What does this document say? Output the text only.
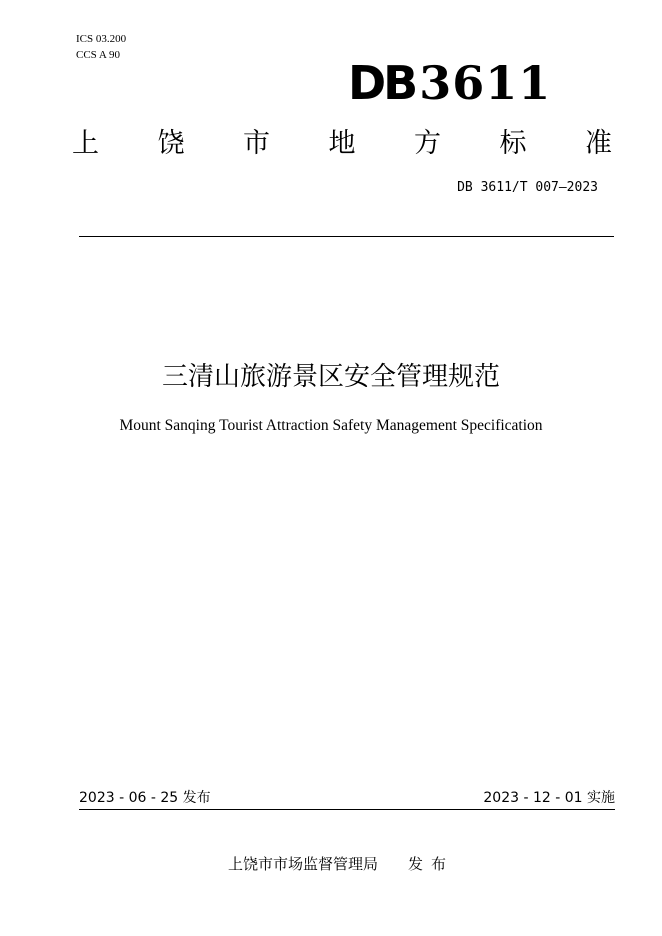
ICS 03.200
CCS A 90
DB3611
上 饶 市 地 方 标 准
DB 3611/T 007—2023
三清山旅游景区安全管理规范
Mount Sanqing Tourist Attraction Safety Management Specification
2023 - 06 - 25 发布	2023 - 12 - 01 实施
上饶市市场监督管理局 发布
